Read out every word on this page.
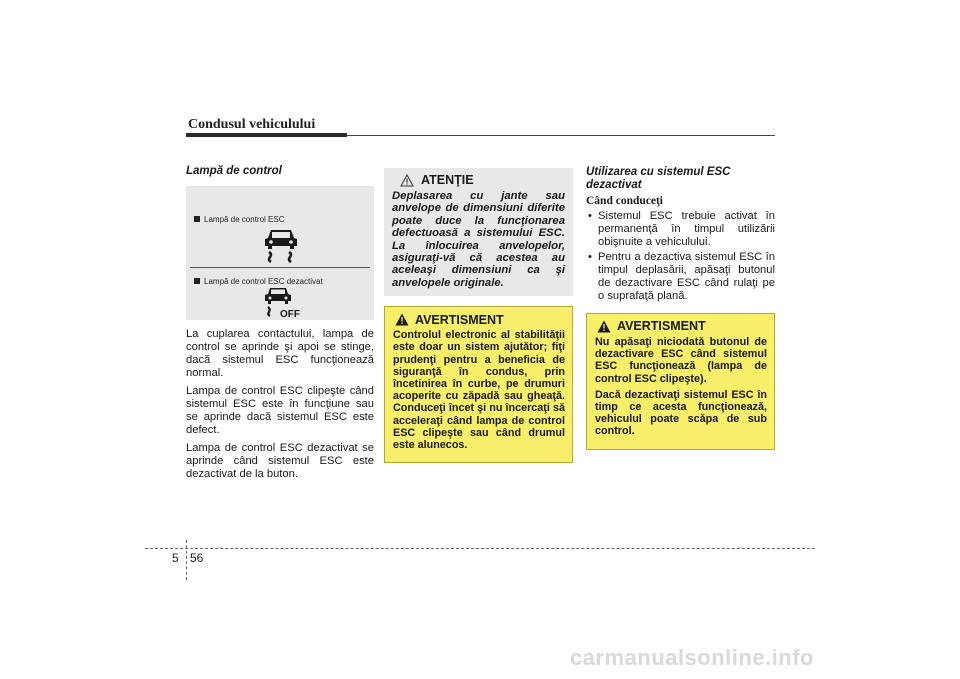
Condusul vehiculului
Lampă de control
Lampă de control ESC
Lampă de control ESC dezactivat
OFF

La cuplarea contactului, lampa de control se aprinde şi apoi se stinge, dacă sistemul ESC funcţionează normal.

Lampa de control ESC clipeşte când sistemul ESC este în funcţiune sau se aprinde dacă sistemul ESC este defect.

Lampa de control ESC dezactivat se aprinde când sistemul ESC este dezactivat de la buton.

ATENŢIE
Deplasarea cu jante sau anvelope de dimensiuni diferite poate duce la funcţionarea defectuoasă a sistemului ESC. La înlocuirea anvelopelor, asiguraţi-vă că acestea au aceleaşi dimensiuni ca şi anvelopele originale.
AVERTISMENT

Controlul electronic al stabilităţii este doar un sistem ajutător; fiţi prudenţi pentru a beneficia de siguranţă în condus, prin încetinirea în curbe, pe drumuri acoperite cu zăpadă sau gheaţă. Conduceţi încet şi nu încercaţi să acceleraţi când lampa de control ESC clipeşte sau când drumul este alunecos.

Utilizarea cu sistemul ESC dezactivat
Când conduceţi
• Sistemul ESC trebuie activat în permanenţă în timpul utilizării obişnuite a vehiculului.
• Pentru a dezactiva sistemul ESC în timpul deplasării, apăsaţi butonul de dezactivare ESC când rulaţi pe o suprafaţă plană.
AVERTISMENT

Nu apăsaţi niciodată butonul de dezactivare ESC când sistemul ESC funcţionează (lampa de control ESC clipeşte).

Dacă dezactivaţi sistemul ESC în timp ce acesta funcţionează, vehiculul poate scăpa de sub control.

5 56
carmanualsonline.info
